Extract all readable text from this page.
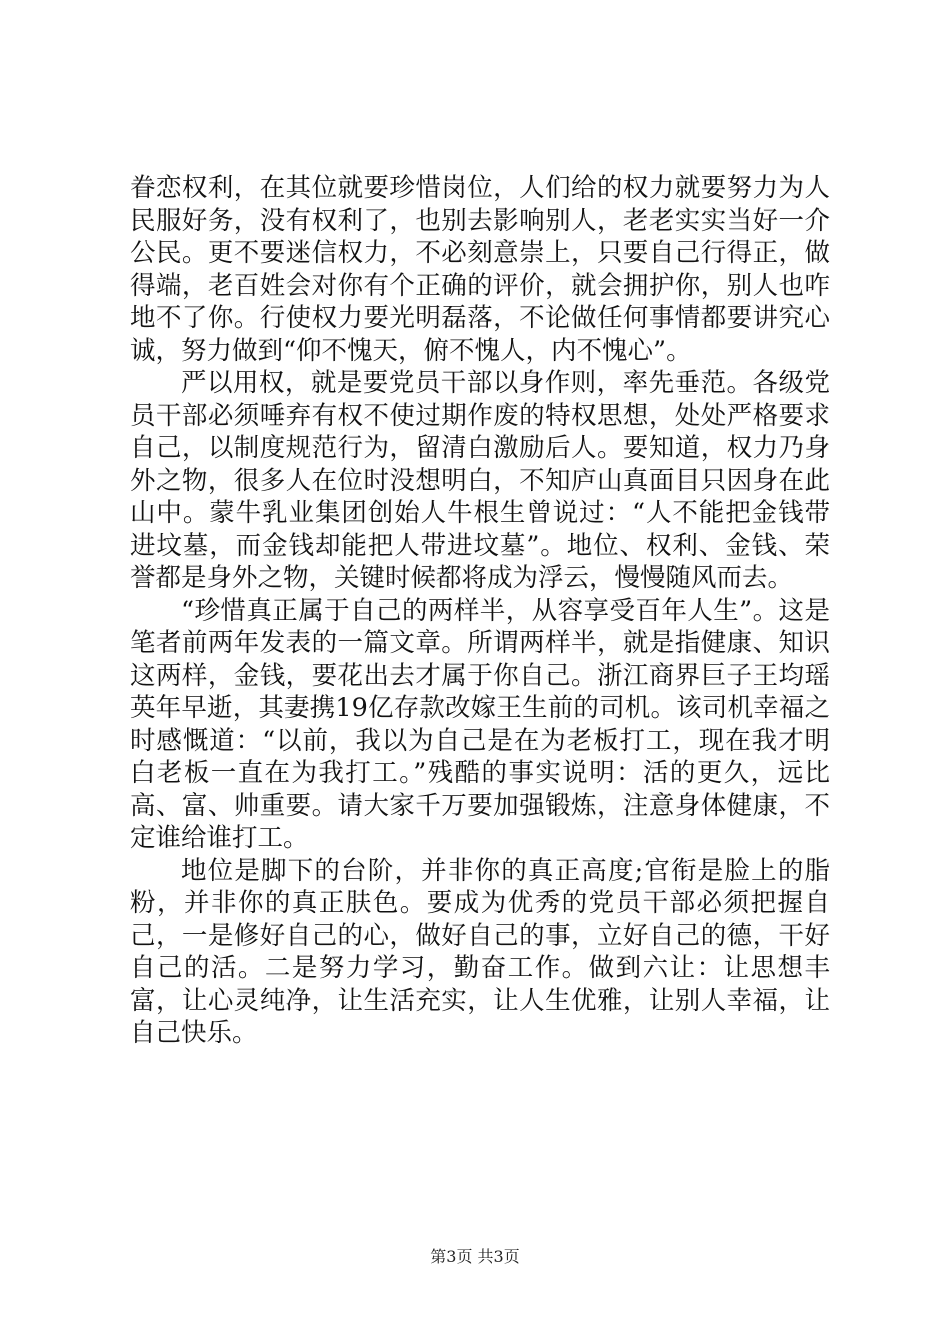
眷恋权利，在其位就要珍惜岗位，人们给的权力就要努力为人民服好务，没有权利了，也别去影响别人，老老实实当好一介公民。更不要迷信权力，不必刻意崇上，只要自己行得正，做得端，老百姓会对你有个正确的评价，就会拥护你，别人也咋地不了你。行使权力要光明磊落，不论做任何事情都要讲究心诚，努力做到“仰不愧天，俯不愧人，内不愧心”。

严以用权，就是要党员干部以身作则，率先垂范。各级党员干部必须唾弃有权不使过期作废的特权思想，处处严格要求自己，以制度规范行为，留清白激励后人。要知道，权力乃身外之物，很多人在位时没想明白，不知庐山真面目只因身在此山中。蒙牛乳业集团创始人牛根生曾说过：“人不能把金钱带进坟墓，而金钱却能把人带进坟墓”。地位、权利、金钱、荣誉都是身外之物，关键时候都将成为浮云，慢慢随风而去。

“珍惜真正属于自己的两样半，从容享受百年人生”。这是笔者前两年发表的一篇文章。所谓两样半，就是指健康、知识这两样，金钱，要花出去才属于你自己。浙江商界巨子王均瑶英年早逝，其妻携19亿存款改嫁王生前的司机。该司机幸福之时感慨道：“以前，我以为自己是在为老板打工，现在我才明白老板一直在为我打工。”残酷的事实说明：活的更久，远比高、富、帅重要。请大家千万要加强锻炼，注意身体健康，不定谁给谁打工。

地位是脚下的台阶，并非你的真正高度;官衔是脸上的脂粉，并非你的真正肤色。要成为优秀的党员干部必须把握自己，一是修好自己的心，做好自己的事，立好自己的德，干好自己的活。二是努力学习，勤奋工作。做到六让：让思想丰富，让心灵纯净，让生活充实，让人生优雅，让别人幸福，让自己快乐。

第3页 共3页
